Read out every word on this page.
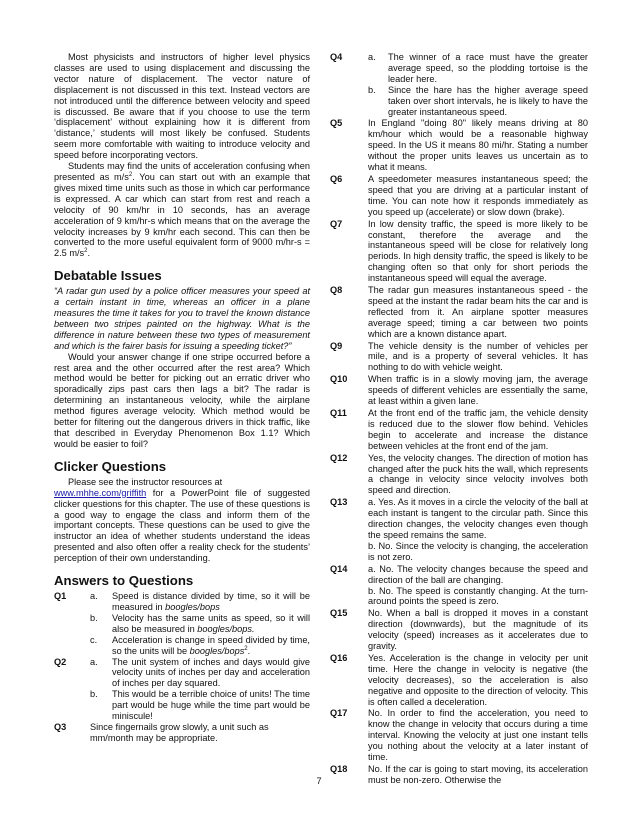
Most physicists and instructors of higher level physics classes are used to using displacement and discussing the vector nature of displacement. The vector nature of displacement is not discussed in this text. Instead vectors are not introduced until the difference between velocity and speed is discussed. Be aware that if you choose to use the term ‘displacement’ without explaining how it is different from ‘distance,’ students will most likely be confused. Students seem more comfortable with waiting to introduce velocity and speed before incorporating vectors.

Students may find the units of acceleration confusing when presented as $m/s^2$. You can start out with an example that gives mixed time units such as those in which car performance is expressed. A car which can start from rest and reach a velocity of 90 km/hr in 10 seconds, has an average acceleration of 9 km/hr-s which means that on the average the velocity increases by 9 km/hr each second. This can then be converted to the more useful equivalent form of 9000 m/hr-s = 2.5 $m/s^2$.

Debatable Issues

“A radar gun used by a police officer measures your speed at a certain instant in time, whereas an officer in a plane measures the time it takes for you to travel the known distance between two stripes painted on the highway. What is the difference in nature between these two types of measurement and which is the fairer basis for issuing a speeding ticket?”

Would your answer change if one stripe occurred before a rest area and the other occurred after the rest area? Which method would be better for picking out an erratic driver who sporadically zips past cars then lags a bit? The radar is determining an instantaneous velocity, while the airplane method figures average velocity. Which method would be better for filtering out the dangerous drivers in thick traffic, like that described in Everyday Phenomenon Box 1.1? Which would be easier to foil?

Clicker Questions

Please see the instructor resources at
www.mhhe.com/griffith for a PowerPoint file of suggested clicker questions for this chapter. The use of these questions is a good way to engage the class and inform them of the important concepts. These questions can be used to give the instructor an idea of whether students understand the ideas presented and also often offer a reality check for the students’ perception of their own understanding.

Answers to Questions
Q1	a.	Speed is distance divided by time, so it will be measured in boogles/bops
b.	Velocity has the same units as speed, so it will also be measured in boogles/bops.
c.	Acceleration is change in speed divided by time, so the units will be boogles/bops$^2$.
Q2	a.	The unit system of inches and days would give velocity units of inches per day and acceleration of inches per day squared.
b.	This would be a terrible choice of units! The time part would be huge while the time part would be miniscule!
Q3	Since fingernails grow slowly, a unit such as mm/month may be appropriate.
Q4	a.	The winner of a race must have the greater average speed, so the plodding tortoise is the leader here.
b.	Since the hare has the higher average speed taken over short intervals, he is likely to have the greater instantaneous speed.
Q5	In England "doing 80" likely means driving at 80 km/hour which would be a reasonable highway speed. In the US it means 80 mi/hr. Stating a number without the proper units leaves us uncertain as to what it means.
Q6	A speedometer measures instantaneous speed; the speed that you are driving at a particular instant of time. You can note how it responds immediately as you speed up (accelerate) or slow down (brake).
Q7	In low density traffic, the speed is more likely to be constant, therefore the average and the instantaneous speed will be close for relatively long periods. In high density traffic, the speed is likely to be changing often so that only for short periods the instantaneous speed will equal the average.
Q8	The radar gun measures instantaneous speed - the speed at the instant the radar beam hits the car and is reflected from it. An airplane spotter measures average speed; timing a car between two points which are a known distance apart.
Q9	The vehicle density is the number of vehicles per mile, and is a property of several vehicles. It has nothing to do with vehicle weight.
Q10	When traffic is in a slowly moving jam, the average speeds of different vehicles are essentially the same, at least within a given lane.
Q11	At the front end of the traffic jam, the vehicle density is reduced due to the slower flow behind. Vehicles begin to accelerate and increase the distance between vehicles at the front end of the jam.
Q12	Yes, the velocity changes. The direction of motion has changed after the puck hits the wall, which represents a change in velocity since velocity involves both speed and direction.
Q13	a. Yes. As it moves in a circle the velocity of the ball at each instant is tangent to the circular path. Since this direction changes, the velocity changes even though the speed remains the same.

b. No. Since the velocity is changing, the acceleration is not zero.

Q14	a. No. The velocity changes because the speed and direction of the ball are changing.

b. No. The speed is constantly changing. At the turn-around points the speed is zero.

Q15	No. When a ball is dropped it moves in a constant direction (downwards), but the magnitude of its velocity (speed) increases as it accelerates due to gravity.
Q16	Yes. Acceleration is the change in velocity per unit time. Here the change in velocity is negative (the velocity decreases), so the acceleration is also negative and opposite to the direction of velocity. This is often called a deceleration.
Q17	No. In order to find the acceleration, you need to know the change in velocity that occurs during a time interval. Knowing the velocity at just one instant tells you nothing about the velocity at a later instant of time.
Q18	No. If the car is going to start moving, its acceleration must be non-zero. Otherwise the
7
